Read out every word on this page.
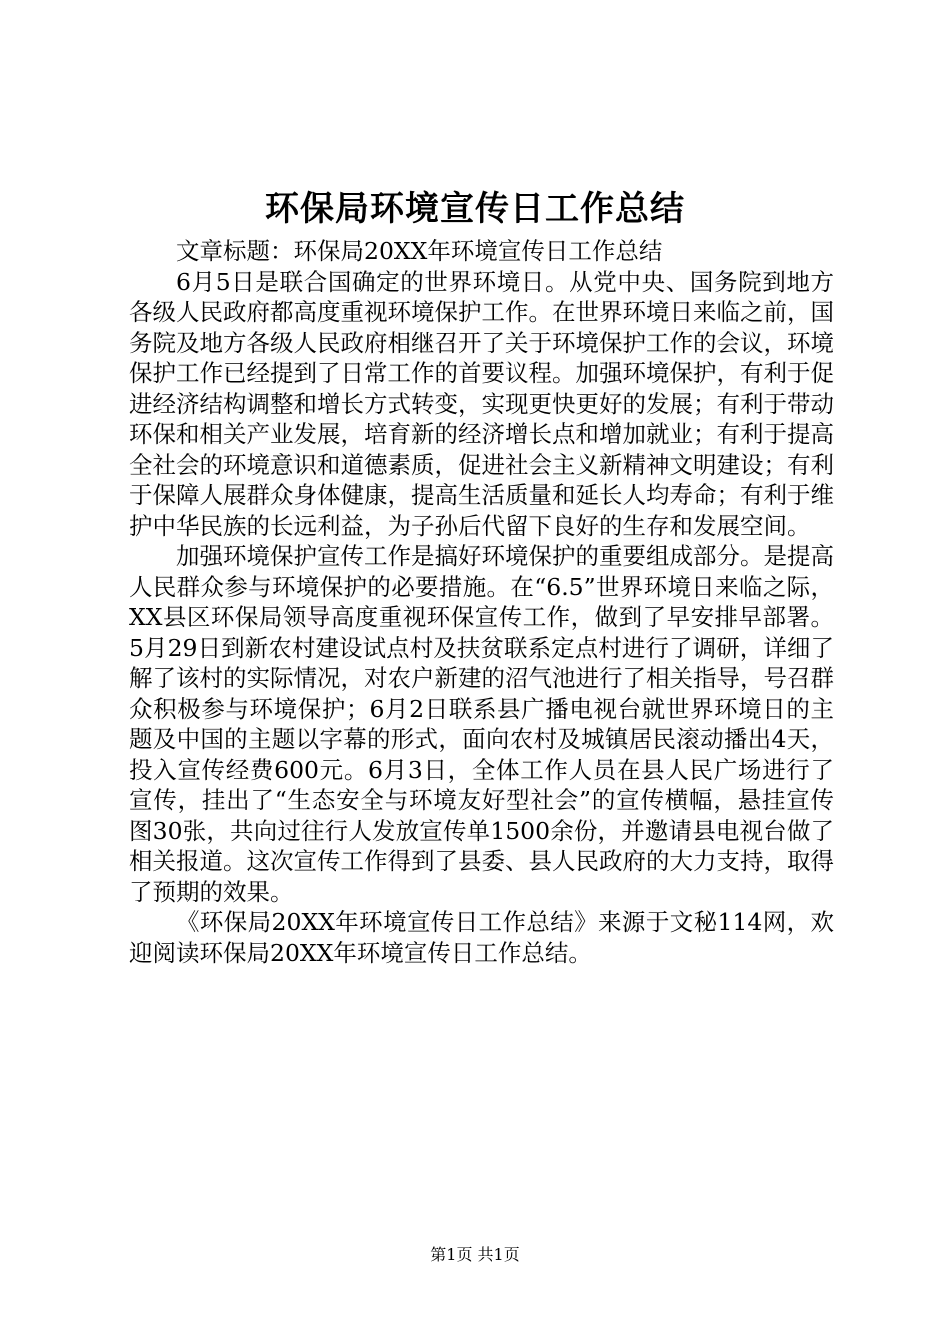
环保局环境宣传日工作总结

文章标题：环保局20XX年环境宣传日工作总结

6月5日是联合国确定的世界环境日。从党中央、国务院到地方各级人民政府都高度重视环境保护工作。在世界环境日来临之前，国务院及地方各级人民政府相继召开了关于环境保护工作的会议，环境保护工作已经提到了日常工作的首要议程。加强环境保护，有利于促进经济结构调整和增长方式转变，实现更快更好的发展；有利于带动环保和相关产业发展，培育新的经济增长点和增加就业；有利于提高全社会的环境意识和道德素质，促进社会主义新精神文明建设；有利于保障人展群众身体健康，提高生活质量和延长人均寿命；有利于维护中华民族的长远利益，为子孙后代留下良好的生存和发展空间。

加强环境保护宣传工作是搞好环境保护的重要组成部分。是提高人民群众参与环境保护的必要措施。在“6.5”世界环境日来临之际，XX县区环保局领导高度重视环保宣传工作，做到了早安排早部署。5月29日到新农村建设试点村及扶贫联系定点村进行了调研，详细了解了该村的实际情况，对农户新建的沼气池进行了相关指导，号召群众积极参与环境保护；6月2日联系县广播电视台就世界环境日的主题及中国的主题以字幕的形式，面向农村及城镇居民滚动播出4天，投入宣传经费600元。6月3日，全体工作人员在县人民广场进行了宣传，挂出了“生态安全与环境友好型社会”的宣传横幅，悬挂宣传图30张，共向过往行人发放宣传单1500余份，并邀请县电视台做了相关报道。这次宣传工作得到了县委、县人民政府的大力支持，取得了预期的效果。

《环保局20XX年环境宣传日工作总结》来源于文秘114网，欢迎阅读环保局20XX年环境宣传日工作总结。

第1页 共1页
